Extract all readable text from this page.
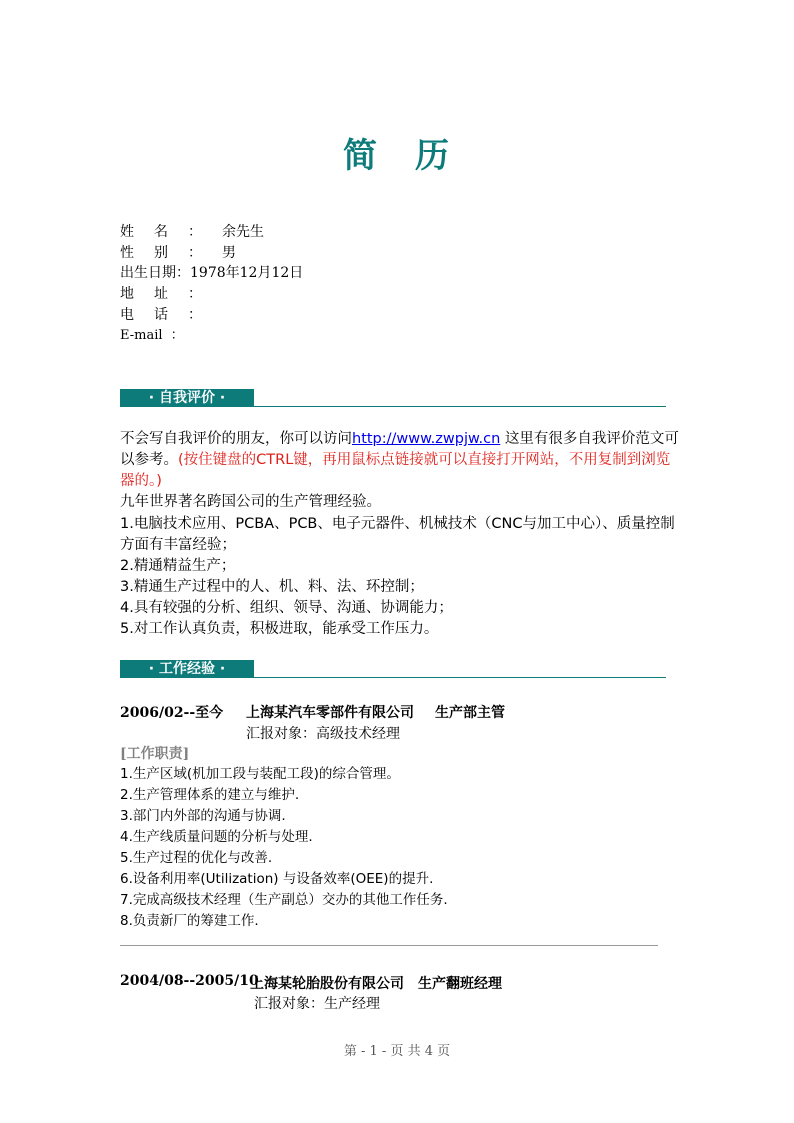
简 历
姓名：余先生
性别：男
出生日期：1978年12月12日
地址：
电话：
E-mail  ：
· 自我评价 ·
不会写自我评价的朋友，你可以访问http://www.zwpjw.cn 这里有很多自我评价范文可以参考。(按住键盘的CTRL键，再用鼠标点链接就可以直接打开网站，不用复制到浏览器的。)
九年世界著名跨国公司的生产管理经验。
1.电脑技术应用、PCBA、PCB、电子元器件、机械技术（CNC与加工中心）、质量控制方面有丰富经验；
2.精通精益生产；
3.精通生产过程中的人、机、料、法、环控制；
4.具有较强的分析、组织、领导、沟通、协调能力；
5.对工作认真负责，积极进取，能承受工作压力。
· 工作经验 ·
2006/02--至今 上海某汽车零部件有限公司 生产部主管
汇报对象：高级技术经理
[工作职责]
1.生产区域(机加工段与装配工段)的综合管理。
2.生产管理体系的建立与维护.
3.部门内外部的沟通与协调.
4.生产线质量问题的分析与处理.
5.生产过程的优化与改善.
6.设备利用率(Utilization) 与设备效率(OEE)的提升.
7.完成高级技术经理（生产副总）交办的其他工作任务.
8.负责新厂的筹建工作.
2004/08--2005/10
上海某轮胎股份有限公司 生产翻班经理
汇报对象：生产经理
第 - 1 - 页 共 4 页
